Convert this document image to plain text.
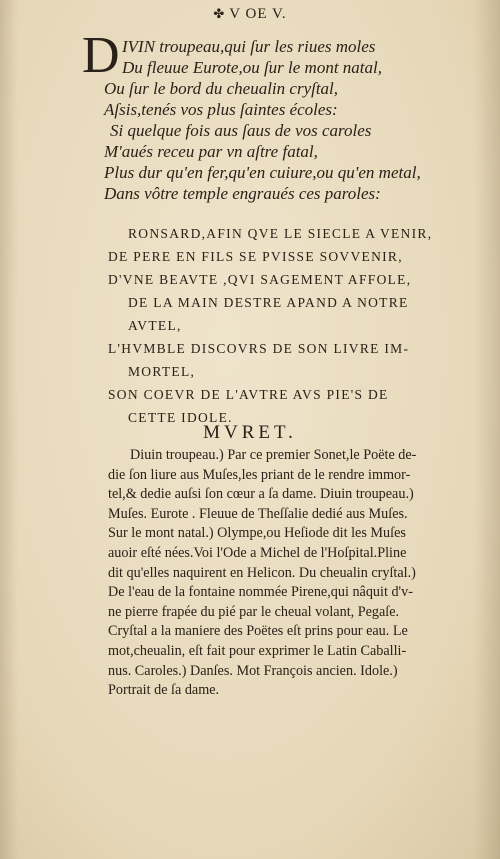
✤ V OE V.
D IVIN troupeau,qui ſur les riues moles
Du fleuue Eurote,ou ſur le mont natal,
Ou ſur le bord du cheualin cryſtal,
Aſsis,tenés vos plus ſaintes écoles:
Si quelque fois aus ſaus de vos caroles
M'aués receu par vn aſtre fatal,
Plus dur qu'en fer,qu'en cuiure,ou qu'en metal,
Dans vôtre temple engraués ces paroles:
RONSARD,AFIN QVE LE SIECLE A VENIR,
DE PERE EN FILS SE PVISSE SOVVENIR,
D'VNE BEAVTE ,QVI SAGEMENT AFFOLE,
DE LA MAIN DESTRE APAND A NOTRE
AVTEL,
L'HVMBLE DISCOVRS DE SON LIVRE IM-
MORTEL,
SON COEVR DE L'AVTRE AVS PIE'S DE
CETTE IDOLE.
MVRET.
Diuin troupeau.) Par ce premier Sonet,le Poëte de-
die ſon liure aus Muſes,les priant de le rendre immor-
tel,& dedie auſsi ſon cœur a ſa dame. Diuin troupeau.)
Muſes. Eurote . Fleuue de Theſſalie dedié aus Muſes.
Sur le mont natal.) Olympe,ou Heſiode dit les Muſes
auoir eſté nées.Voi l'Ode a Michel de l'Hoſpital.Pline
dit qu'elles naquirent en Helicon. Du cheualin cryſtal.)
De l'eau de la fontaine nommée Pirene,qui nâquit d'v-
ne pierre frapée du pié par le cheual volant, Pegaſe.
Cryſtal a la maniere des Poëtes eſt prins pour eau. Le
mot,cheualin, eſt fait pour exprimer le Latin Caballi-
nus. Caroles.) Danſes. Mot François ancien. Idole.)
Portrait de ſa dame.
